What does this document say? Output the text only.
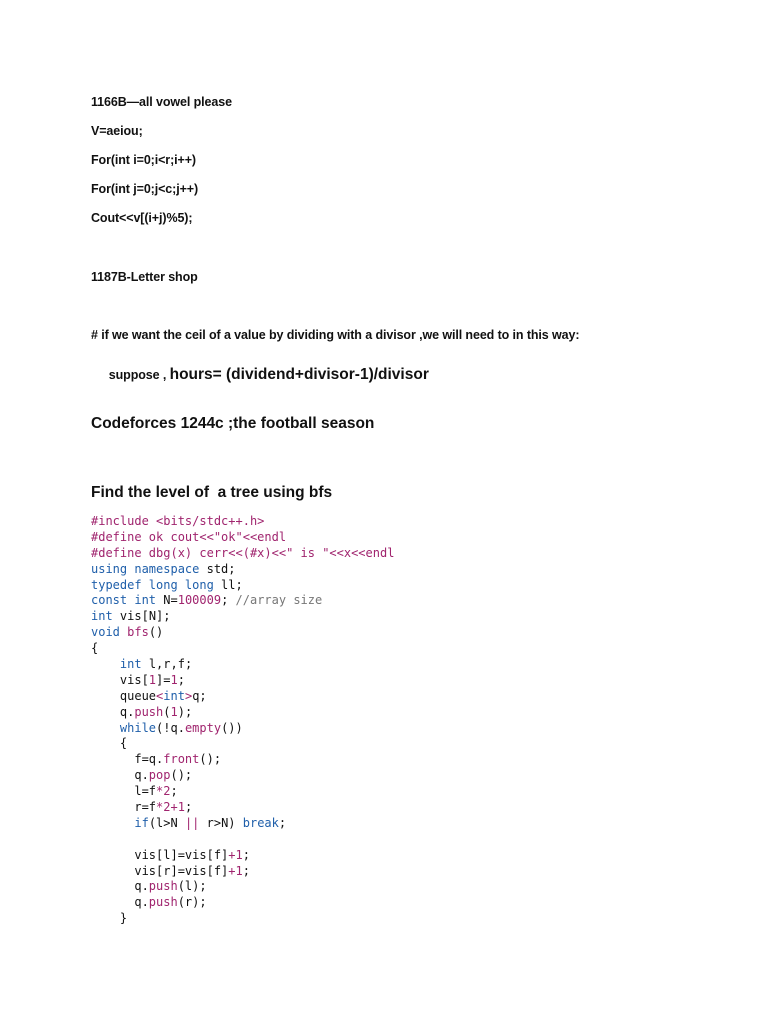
1166B—all vowel please
V=aeiou;
For(int i=0;i<r;i++)
For(int j=0;j<c;j++)
Cout<<v[(i+j)%5);
1187B-Letter shop
# if we want the ceil of a value by dividing with a divisor ,we will need to in this way:

suppose , hours= (dividend+divisor-1)/divisor

Codeforces 1244c ;the football season
Find the level of  a tree using bfs
#include <bits/stdc++.h>
#define ok cout<<"ok"<<endl
#define dbg(x) cerr<<(#x)<<" is "<<x<<endl
using namespace std;
typedef long long ll;
const int N=100009; //array size
int vis[N];
void bfs()
{
int l,r,f;
vis[1]=1;
queue<int>q;
q.push(1);
while(!q.empty())
{
f=q.front();
q.pop();
l=f*2;
r=f*2+1;
if(l>N || r>N) break;
vis[l]=vis[f]+1;
vis[r]=vis[f]+1;
q.push(l);
q.push(r);
}
